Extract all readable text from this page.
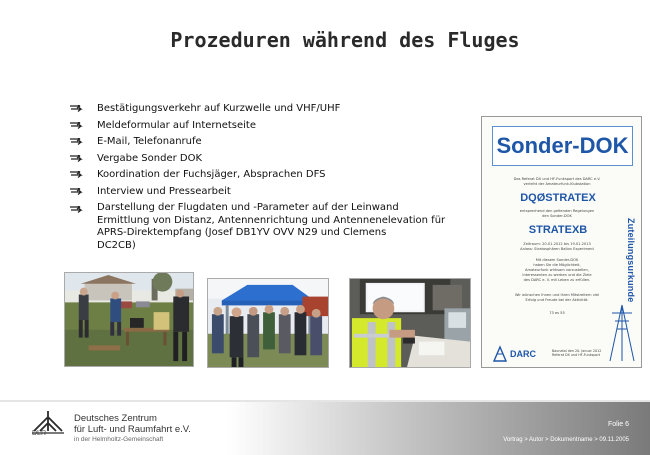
Prozeduren während des Fluges
Bestätigungsverkehr auf Kurzwelle und VHF/UHF
Meldeformular auf Internetseite
E-Mail, Telefonanrufe
Vergabe Sonder DOK
Koordination der Fuchsjäger, Absprachen DFS
Interview und Pressearbeit
Darstellung der Flugdaten und -Parameter auf der Leinwand
Ermittlung von Distanz, Antennenrichtung und Antennenelevation für
APRS-Direktempfang (Josef DB1YV OVV N29 und Clemens
DC2CB)
Sonder-DOK
Das Referat DX und HF-Funksport des DARC e.V.
verleiht der Amateurfunk-Klubstation
DQØSTRATEX
entsprechend den geltenden Regelungen
den Sonder-DOK
STRATEXB
Zeitraum: 20.01.2012 bis 19.01.2013
Anlass: Stratosphären Ballon Experiment
Mit diesem Sonder-DOK
haben Sie die Möglichkeit,
Amateurfunk wirksam vorzustellen,
Interessenten zu werben und die Ziele
des DARC e. V. mit Leben zu erfüllen.
Wir wünschen Ihnen und Ihren Mitstreitern viel
Erfolg und Freude bei der Aktivität.
73 es 55
Zuteilungsurkunde
DARC	Baunatal den 20. Januar 2012
Referat DX und HF-Funksport
DLR
Deutsches Zentrum
für Luft- und Raumfahrt e.V.
in der Helmholtz-Gemeinschaft
Folie 6
Vortrag > Autor > Dokumentname > 09.11.2005
